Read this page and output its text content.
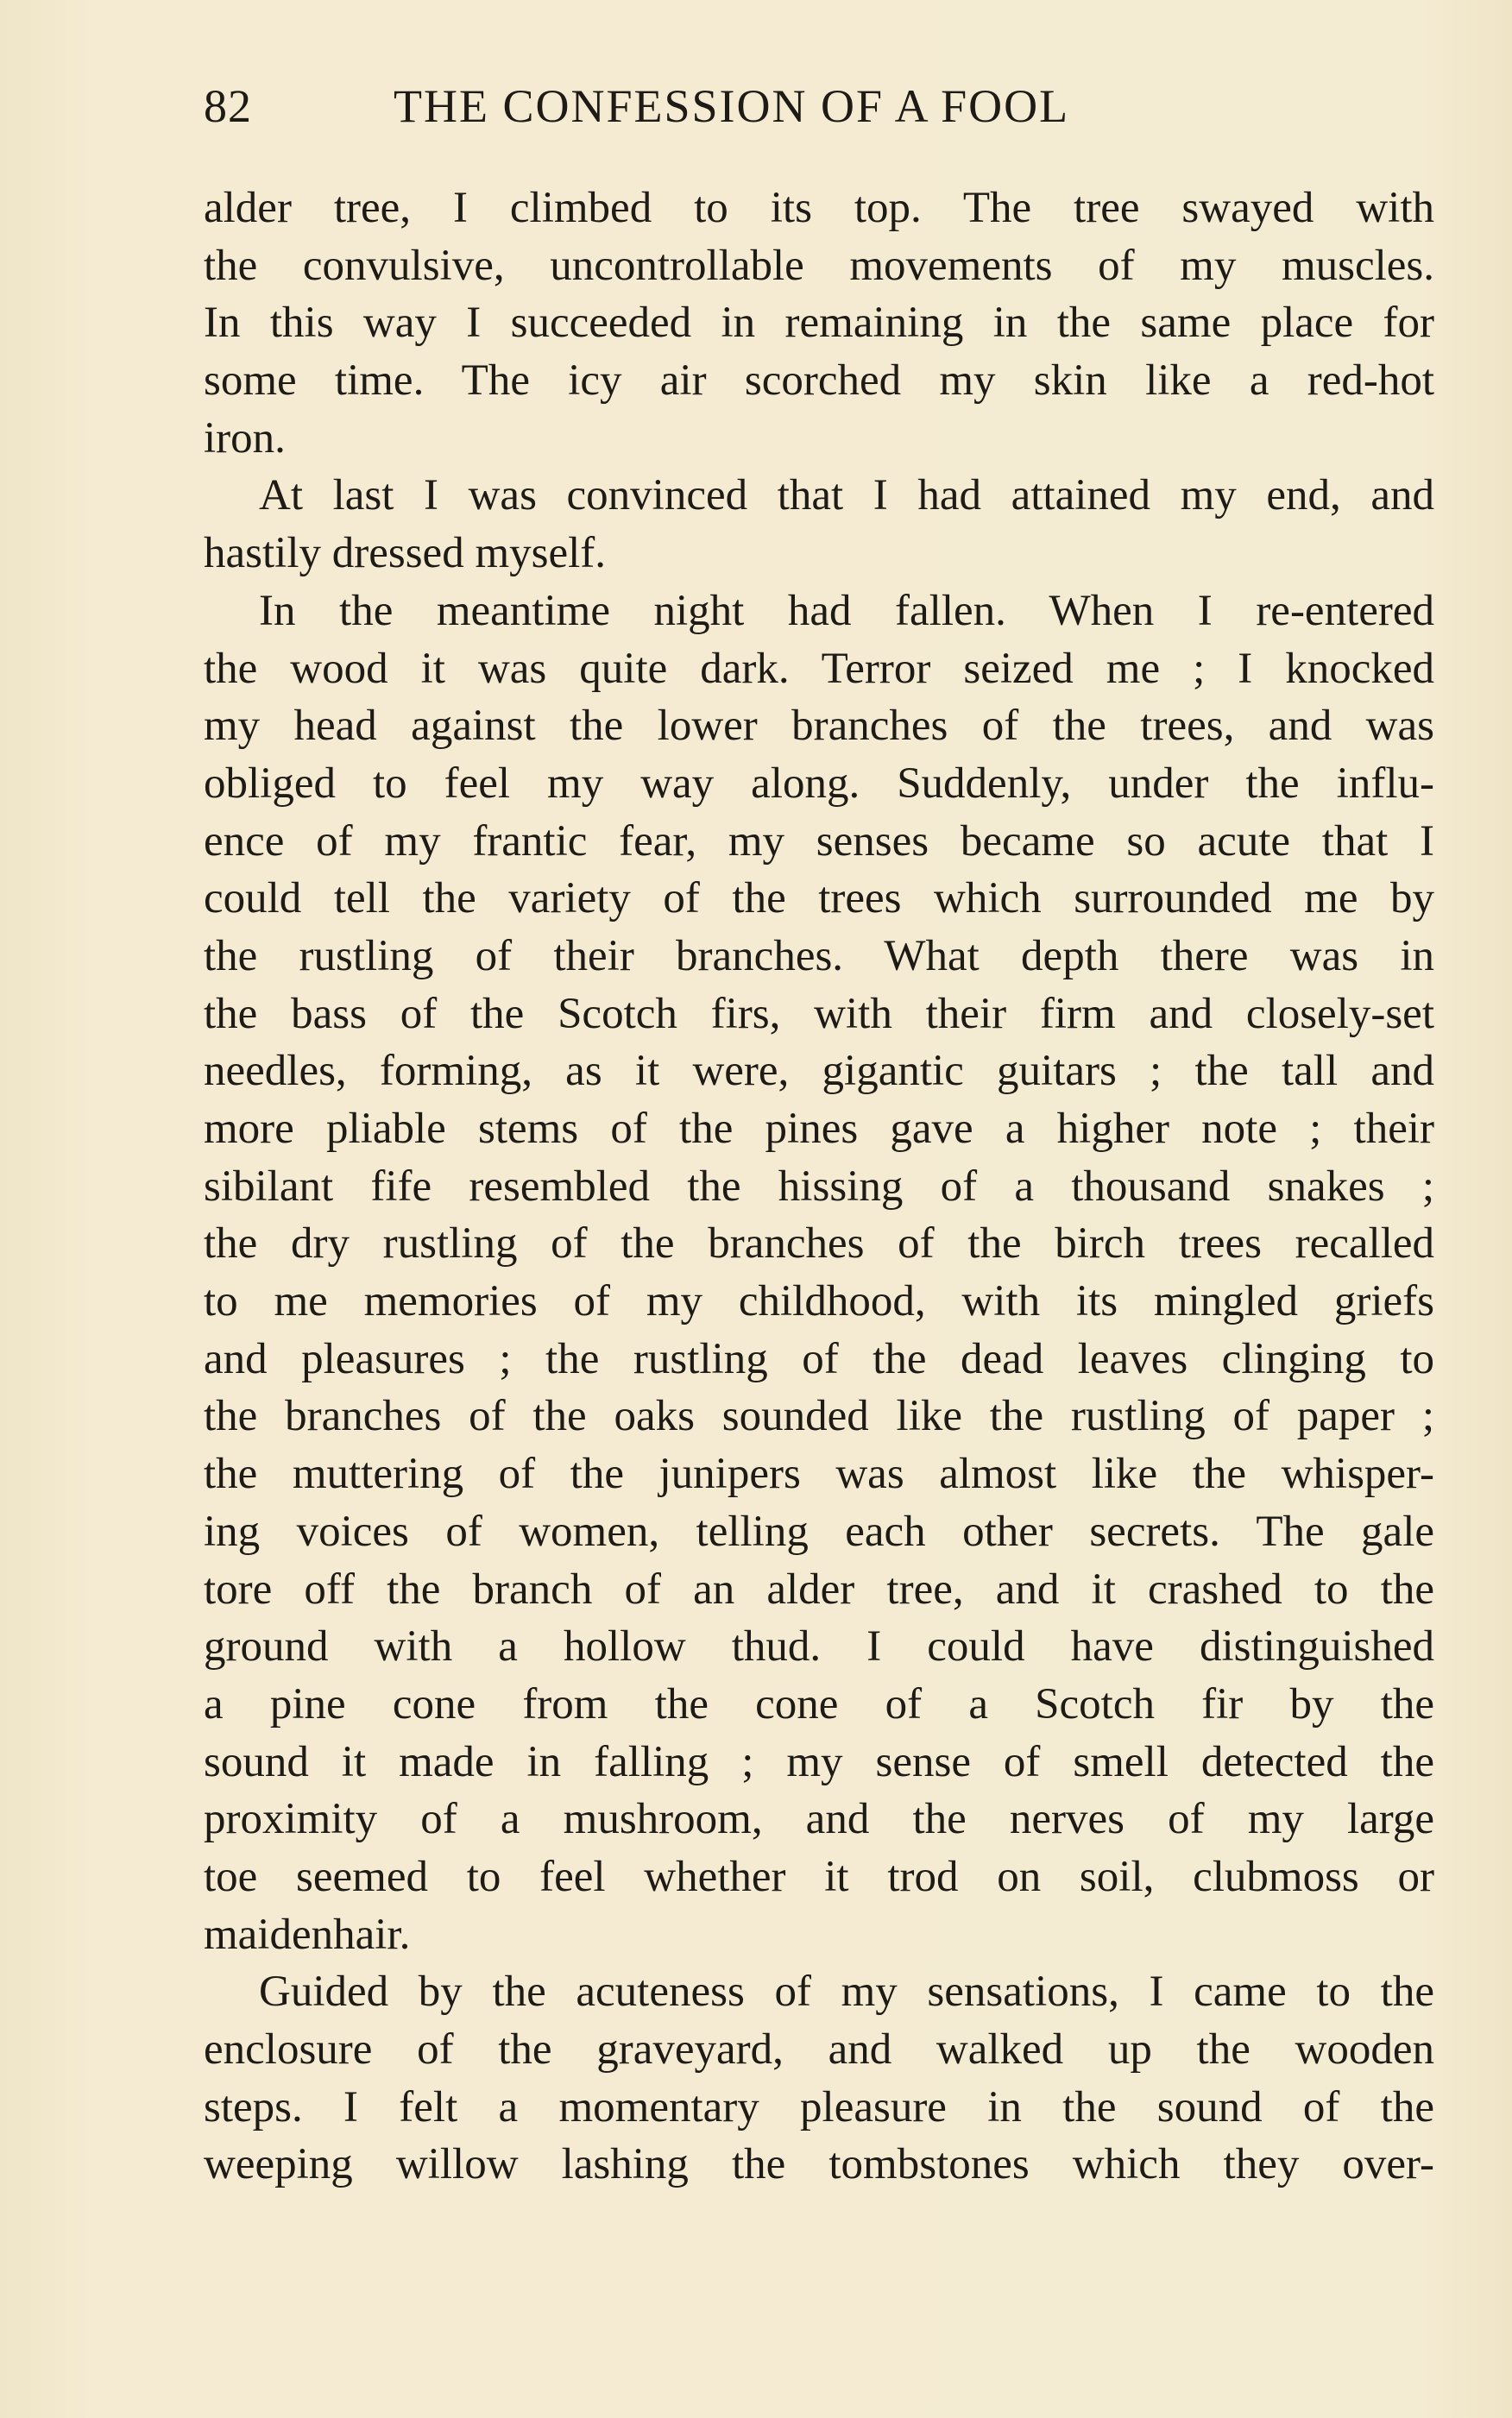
82	THE CONFESSION OF A FOOL
alder tree, I climbed to its top. The tree swayed with
the convulsive, uncontrollable movements of my muscles.
In this way I succeeded in remaining in the same place for
some time. The icy air scorched my skin like a red-hot
iron.
At last I was convinced that I had attained my end, and
hastily dressed myself.
In the meantime night had fallen. When I re-entered
the wood it was quite dark. Terror seized me ; I knocked
my head against the lower branches of the trees, and was
obliged to feel my way along. Suddenly, under the influ-
ence of my frantic fear, my senses became so acute that I
could tell the variety of the trees which surrounded me by
the rustling of their branches. What depth there was in
the bass of the Scotch firs, with their firm and closely-set
needles, forming, as it were, gigantic guitars ; the tall and
more pliable stems of the pines gave a higher note ; their
sibilant fife resembled the hissing of a thousand snakes ;
the dry rustling of the branches of the birch trees recalled
to me memories of my childhood, with its mingled griefs
and pleasures ; the rustling of the dead leaves clinging to
the branches of the oaks sounded like the rustling of paper ;
the muttering of the junipers was almost like the whisper-
ing voices of women, telling each other secrets. The gale
tore off the branch of an alder tree, and it crashed to the
ground with a hollow thud. I could have distinguished
a pine cone from the cone of a Scotch fir by the
sound it made in falling ; my sense of smell detected the
proximity of a mushroom, and the nerves of my large
toe seemed to feel whether it trod on soil, clubmoss or
maidenhair.
Guided by the acuteness of my sensations, I came to the
enclosure of the graveyard, and walked up the wooden
steps. I felt a momentary pleasure in the sound of the
weeping willow lashing the tombstones which they over-
